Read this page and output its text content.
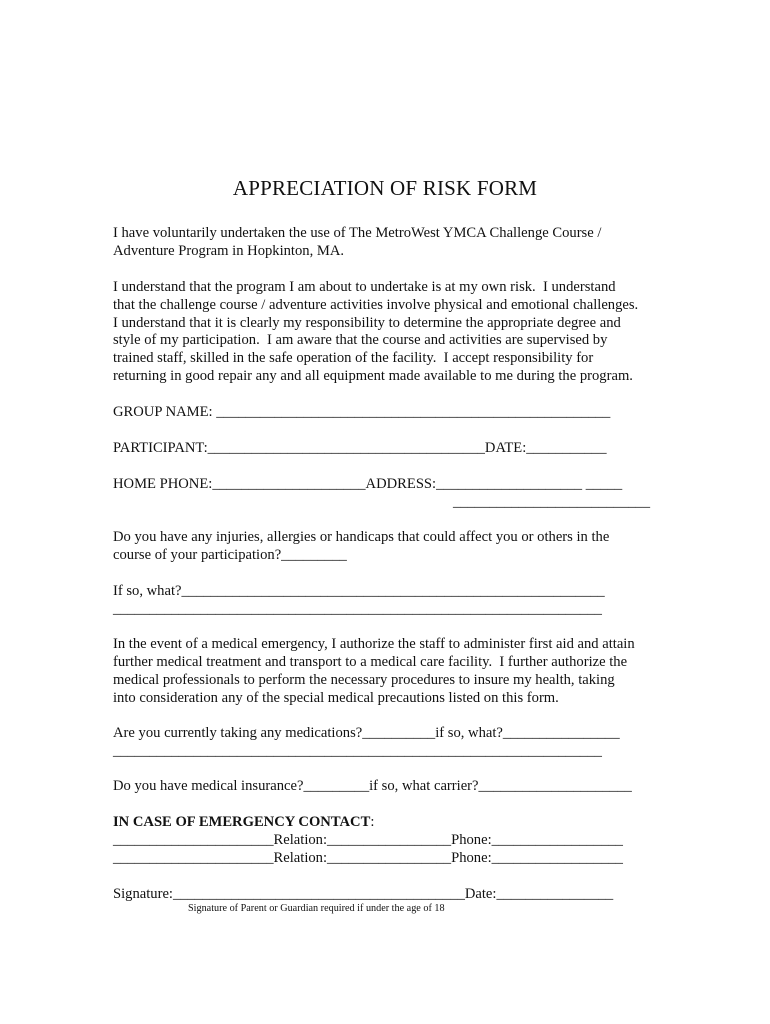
APPRECIATION OF RISK FORM

I have voluntarily undertaken the use of The MetroWest YMCA Challenge Course /

Adventure Program in Hopkinton, MA.

I understand that the program I am about to undertake is at my own risk.  I understand

that the challenge course / adventure activities involve physical and emotional challenges.

I understand that it is clearly my responsibility to determine the appropriate degree and

style of my participation.  I am aware that the course and activities are supervised by

trained staff, skilled in the safe operation of the facility.  I accept responsibility for

returning in good repair any and all equipment made available to me during the program.

GROUP NAME: ______________________________________________________

PARTICIPANT:______________________________________DATE:___________

HOME PHONE:_____________________ADDRESS:____________________ _____

___________________________

Do you have any injuries, allergies or handicaps that could affect you or others in the

course of your participation?_________

If so, what?__________________________________________________________

___________________________________________________________________

In the event of a medical emergency, I authorize the staff to administer first aid and attain

further medical treatment and transport to a medical care facility.  I further authorize the

medical professionals to perform the necessary procedures to insure my health, taking

into consideration any of the special medical precautions listed on this form.

Are you currently taking any medications?__________if so, what?________________

___________________________________________________________________

Do you have medical insurance?_________if so, what carrier?_____________________

IN CASE OF EMERGENCY CONTACT:

______________________Relation:_________________Phone:__________________

______________________Relation:_________________Phone:__________________

Signature:________________________________________Date:________________

Signature of Parent or Guardian required if under the age of 18
